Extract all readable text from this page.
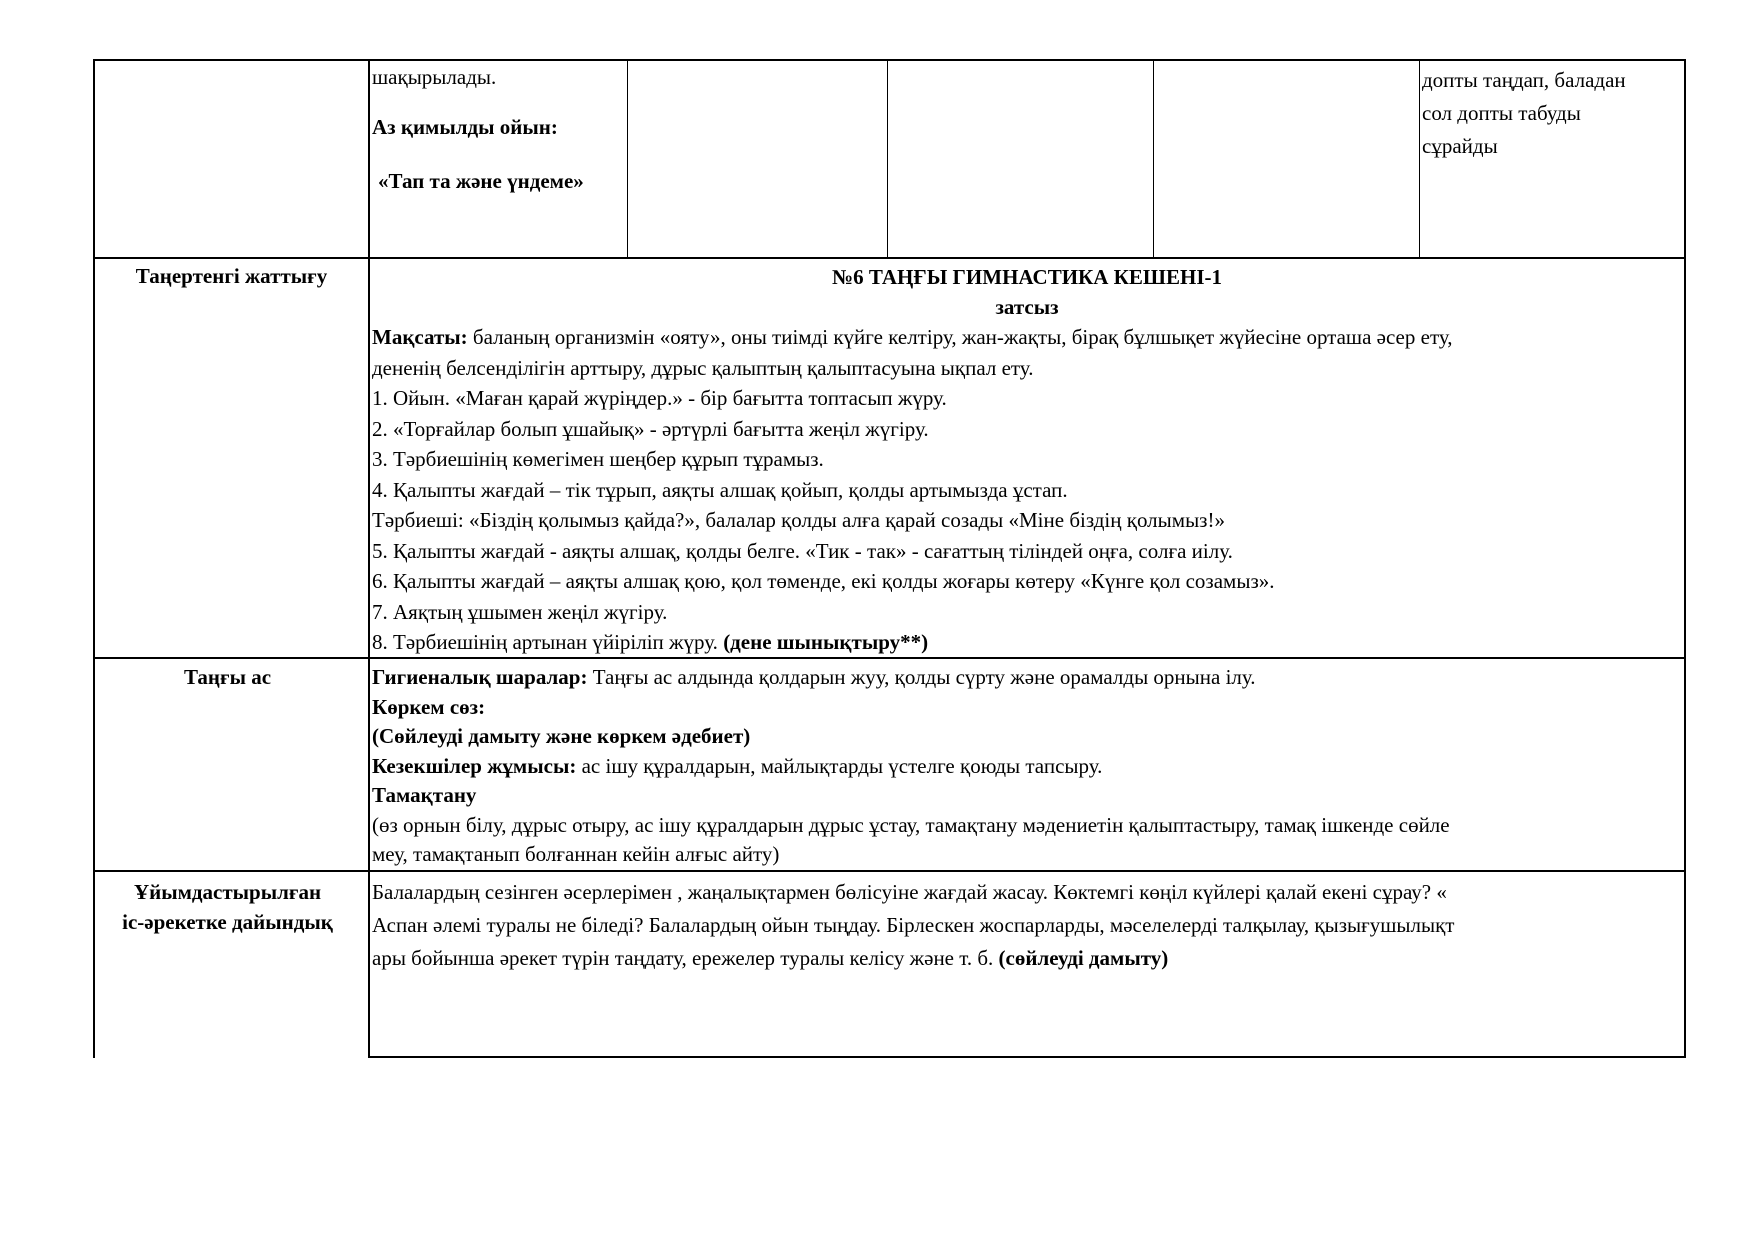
шақырылады.
Аз қимылды ойын:
«Тап та және үндеме»
допты таңдап, баладан
сол допты табуды
сұрайды
Таңертенгі жаттығу	№6 ТАҢҒЫ ГИМНАСТИКА КЕШЕНІ-1
затсыз
Мақсаты: баланың организмін «ояту», оны тиімді күйге келтіру, жан-жақты, бірақ бұлшықет жүйесіне орташа әсер ету,
дененің белсенділігін арттыру, дұрыс қалыптың қалыптасуына ықпал ету.
1. Ойын. «Маған қарай жүріңдер.» - бір бағытта топтасып жүру.
2. «Торғайлар болып ұшайық» - әртүрлі бағытта жеңіл жүгіру.
3. Тәрбиешінің көмегімен шеңбер құрып тұрамыз.
4. Қалыпты жағдай – тік тұрып, аяқты алшақ қойып, қолды артымызда ұстап.
Тәрбиеші: «Біздің қолымыз қайда?», балалар қолды алға қарай созады «Міне біздің қолымыз!»
5. Қалыпты жағдай - аяқты алшақ, қолды белге. «Тик - так» - сағаттың тіліндей оңға, солға иілу.
6. Қалыпты жағдай – аяқты алшақ қою, қол төменде, екі қолды жоғары көтеру «Күнге қол созамыз».
7. Аяқтың ұшымен жеңіл жүгіру.
8. Тәрбиешінің артынан үйіріліп жүру. (дене шынықтыру**)
Таңғы ас	Гигиеналық шаралар: Таңғы ас алдында қолдарын жуу, қолды сүрту және орамалды орнына ілу.
Көркем сөз:
(Сөйлеуді дамыту және көркем әдебиет)
Кезекшілер жұмысы: ас ішу құралдарын, майлықтарды үстелге қоюды тапсыру.
Тамақтану
(өз орнын білу, дұрыс отыру, ас ішу құралдарын дұрыс ұстау, тамақтану мәдениетін қалыптастыру, тамақ ішкенде сөйле
меу, тамақтанып болғаннан кейін алғыс айту)
Ұйымдастырылған
іс-әрекетке дайындық
Балалардың сезінген әсерлерімен , жаңалықтармен бөлісуіне жағдай жасау. Көктемгі көңіл күйлері қалай екені сұрау? «
Аспан әлемі туралы не біледі? Балалардың ойын тыңдау. Бірлескен жоспарларды, мәселелерді талқылау, қызығушылықт
ары бойынша әрекет түрін таңдату, ережелер туралы келісу және т. б. (сөйлеуді дамыту)
